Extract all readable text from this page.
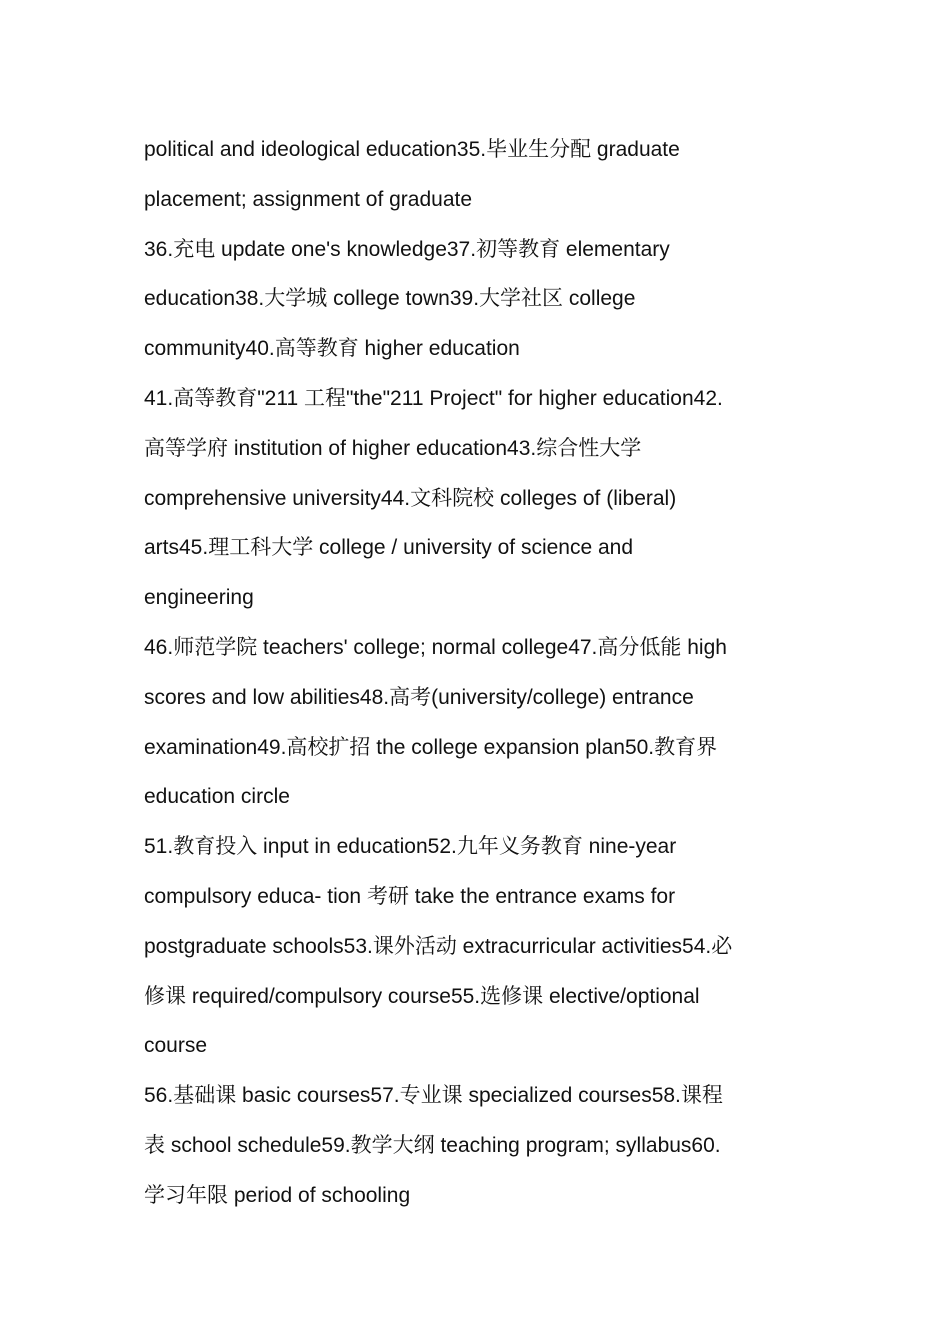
political and ideological education35.毕业生分配 graduate

placement; assignment of graduate

36.充电 update one's knowledge37.初等教育 elementary

education38.大学城 college town39.大学社区 college

community40.高等教育 higher education

41.高等教育"211 工程"the"211 Project" for higher education42.

高等学府 institution of higher education43.综合性大学

comprehensive university44.文科院校 colleges of (liberal)

arts45.理工科大学 college / university of science and

engineering

46.师范学院 teachers' college; normal college47.高分低能 high

scores and low abilities48.高考(university/college) entrance

examination49.高校扩招 the college expansion plan50.教育界

education circle

51.教育投入 input in education52.九年义务教育 nine-year

compulsory educa- tion 考研 take the entrance exams for

postgraduate schools53.课外活动 extracurricular activities54.必

修课 required/compulsory course55.选修课 elective/optional

course

56.基础课 basic courses57.专业课 specialized courses58.课程

表 school schedule59.教学大纲 teaching program; syllabus60.

学习年限 period of schooling
